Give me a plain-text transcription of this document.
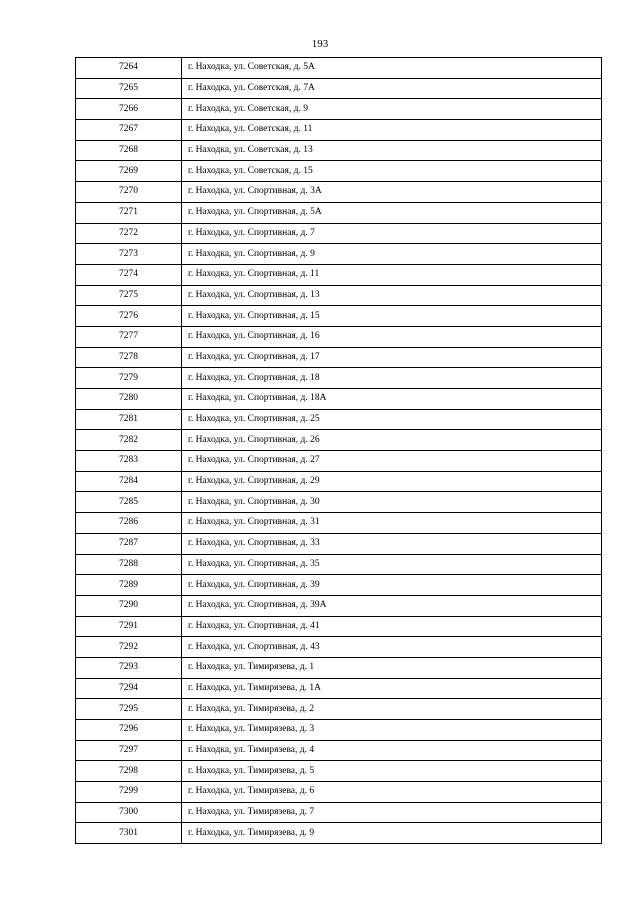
193
7264	г. Находка, ул. Советская, д. 5А
7265	г. Находка, ул. Советская, д. 7А
7266	г. Находка, ул. Советская, д. 9
7267	г. Находка, ул. Советская, д. 11
7268	г. Находка, ул. Советская, д. 13
7269	г. Находка, ул. Советская, д. 15
7270	г. Находка, ул. Спортивная, д. 3А
7271	г. Находка, ул. Спортивная, д. 5А
7272	г. Находка, ул. Спортивная, д. 7
7273	г. Находка, ул. Спортивная, д. 9
7274	г. Находка, ул. Спортивная, д. 11
7275	г. Находка, ул. Спортивная, д. 13
7276	г. Находка, ул. Спортивная, д. 15
7277	г. Находка, ул. Спортивная, д. 16
7278	г. Находка, ул. Спортивная, д. 17
7279	г. Находка, ул. Спортивная, д. 18
7280	г. Находка, ул. Спортивная, д. 18А
7281	г. Находка, ул. Спортивная, д. 25
7282	г. Находка, ул. Спортивная, д. 26
7283	г. Находка, ул. Спортивная, д. 27
7284	г. Находка, ул. Спортивная, д. 29
7285	г. Находка, ул. Спортивная, д. 30
7286	г. Находка, ул. Спортивная, д. 31
7287	г. Находка, ул. Спортивная, д. 33
7288	г. Находка, ул. Спортивная, д. 35
7289	г. Находка, ул. Спортивная, д. 39
7290	г. Находка, ул. Спортивная, д. 39А
7291	г. Находка, ул. Спортивная, д. 41
7292	г. Находка, ул. Спортивная, д. 43
7293	г. Находка, ул. Тимирязева, д. 1
7294	г. Находка, ул. Тимирязева, д. 1А
7295	г. Находка, ул. Тимирязева, д. 2
7296	г. Находка, ул. Тимирязева, д. 3
7297	г. Находка, ул. Тимирязева, д. 4
7298	г. Находка, ул. Тимирязева, д. 5
7299	г. Находка, ул. Тимирязева, д. 6
7300	г. Находка, ул. Тимирязева, д. 7
7301	г. Находка, ул. Тимирязева, д. 9
